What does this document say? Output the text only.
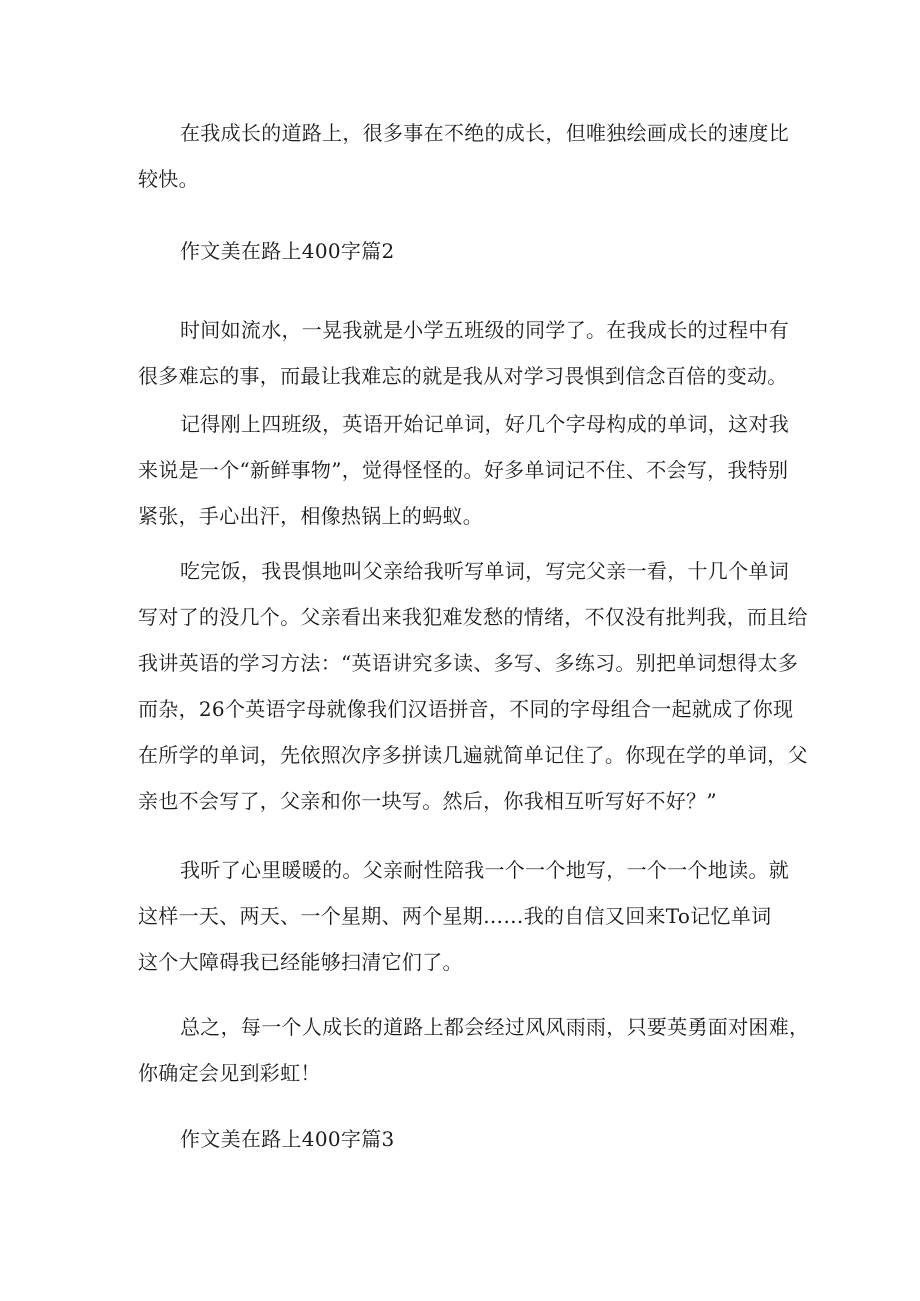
在我成长的道路上，很多事在不绝的成长，但唯独绘画成长的速度比
较快。

作文美在路上400字篇2

时间如流水，一晃我就是小学五班级的同学了。在我成长的过程中有
很多难忘的事，而最让我难忘的就是我从对学习畏惧到信念百倍的变动。

记得刚上四班级，英语开始记单词，好几个字母构成的单词，这对我
来说是一个“新鲜事物”，觉得怪怪的。好多单词记不住、不会写，我特别
紧张，手心出汗，相像热锅上的蚂蚁。

吃完饭，我畏惧地叫父亲给我听写单词，写完父亲一看，十几个单词
写对了的没几个。父亲看出来我犯难发愁的情绪，不仅没有批判我，而且给
我讲英语的学习方法：“英语讲究多读、多写、多练习。别把单词想得太多
而杂，26个英语字母就像我们汉语拼音，不同的字母组合一起就成了你现
在所学的单词，先依照次序多拼读几遍就简单记住了。你现在学的单词，父
亲也不会写了，父亲和你一块写。然后，你我相互听写好不好？”

我听了心里暖暖的。父亲耐性陪我一个一个地写，一个一个地读。就
这样一天、两天、一个星期、两个星期……我的自信又回来To记忆单词
这个大障碍我已经能够扫清它们了。

总之，每一个人成长的道路上都会经过风风雨雨，只要英勇面对困难，
你确定会见到彩虹！

作文美在路上400字篇3
